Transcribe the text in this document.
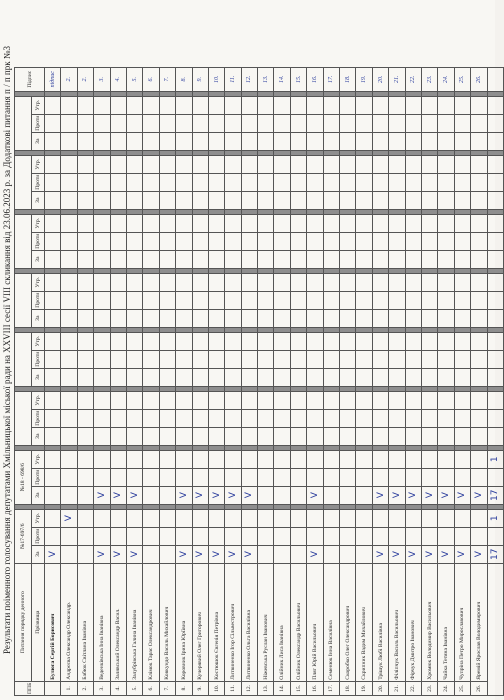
Результати поіменного голосування депутатами Хмільницької міської ради на XXVIII сесії VIII скликання від 23.06.2023 р. за Додаткові питання п / п прк №3
ППБ	Питання порядку денного	№17-697/6				№18 - 698/6																												Підпис
	Прізвища	За	Проти	Утр.		За	Проти	Утр.		За	Проти	Утр.		За	Проти	Утр.		За	Проти	Утр.		За	Проти	Утр.		За	Проти	Утр.		За	Проти	Утр.		
	Булюга Сергій Борисович	V																																підпис
1.	Андрєєва Олександр Олександр.			V																														2.
2.	Бабюк Світлана Іванівна																																	2.
3.	Веденківська Інна Іванівна	V				V																												3.
4.	Залявський Олександр Васил.	V				V																												4.
5.	Залубрівська Галина Іванівна	V				V																												5.
6.	Клімок Тарас Олександрович																																	6.
7.	Ковкундо Василь Михайлович																																	7.
8.	Коровник Ірина Юріївна	V				V																												8.
9.	Кучерявий Олег Григорович	V				V																												9.
10.	Костюшок Євгенія Петрівна	V				V																												10.
11.	Литвиненко Ігор Сільвестрович	V				V																												11.
12.	Литвиненко Ольга Василівна	V				V																												12.
13.	Ніжевська Руслан Іванович																																	13.
14.	Олійник Лиса Іванівна																																	14.
15.	Олійник Олександр Васильович																																	15.
16.	Пляг Юрій Васильович	V				V																												16.
17.	Семенюк Інна Василівна																																	17.
18.	Скоробко Олег Олександрович																																	18.
19.	Скрипник Вадим Михайлович																																	19.
20.	Трішук Любі Василівна	V				V																												20.
21.	Філіпчук Василь Васильович	V				V																												21.
22.	Фірчук Дмитро Іванович	V				V																												22.
23.	Хромюк Володимир Васильович	V				V																												23.
24.	Чайка Тетяна Іванівна	V				V																												24.
25.	Чупріна Петро Мирославович	V				V																												25.
26.	Яремій Ярослав Володимирович	V				V																												26.
		17		1		17		1																										
